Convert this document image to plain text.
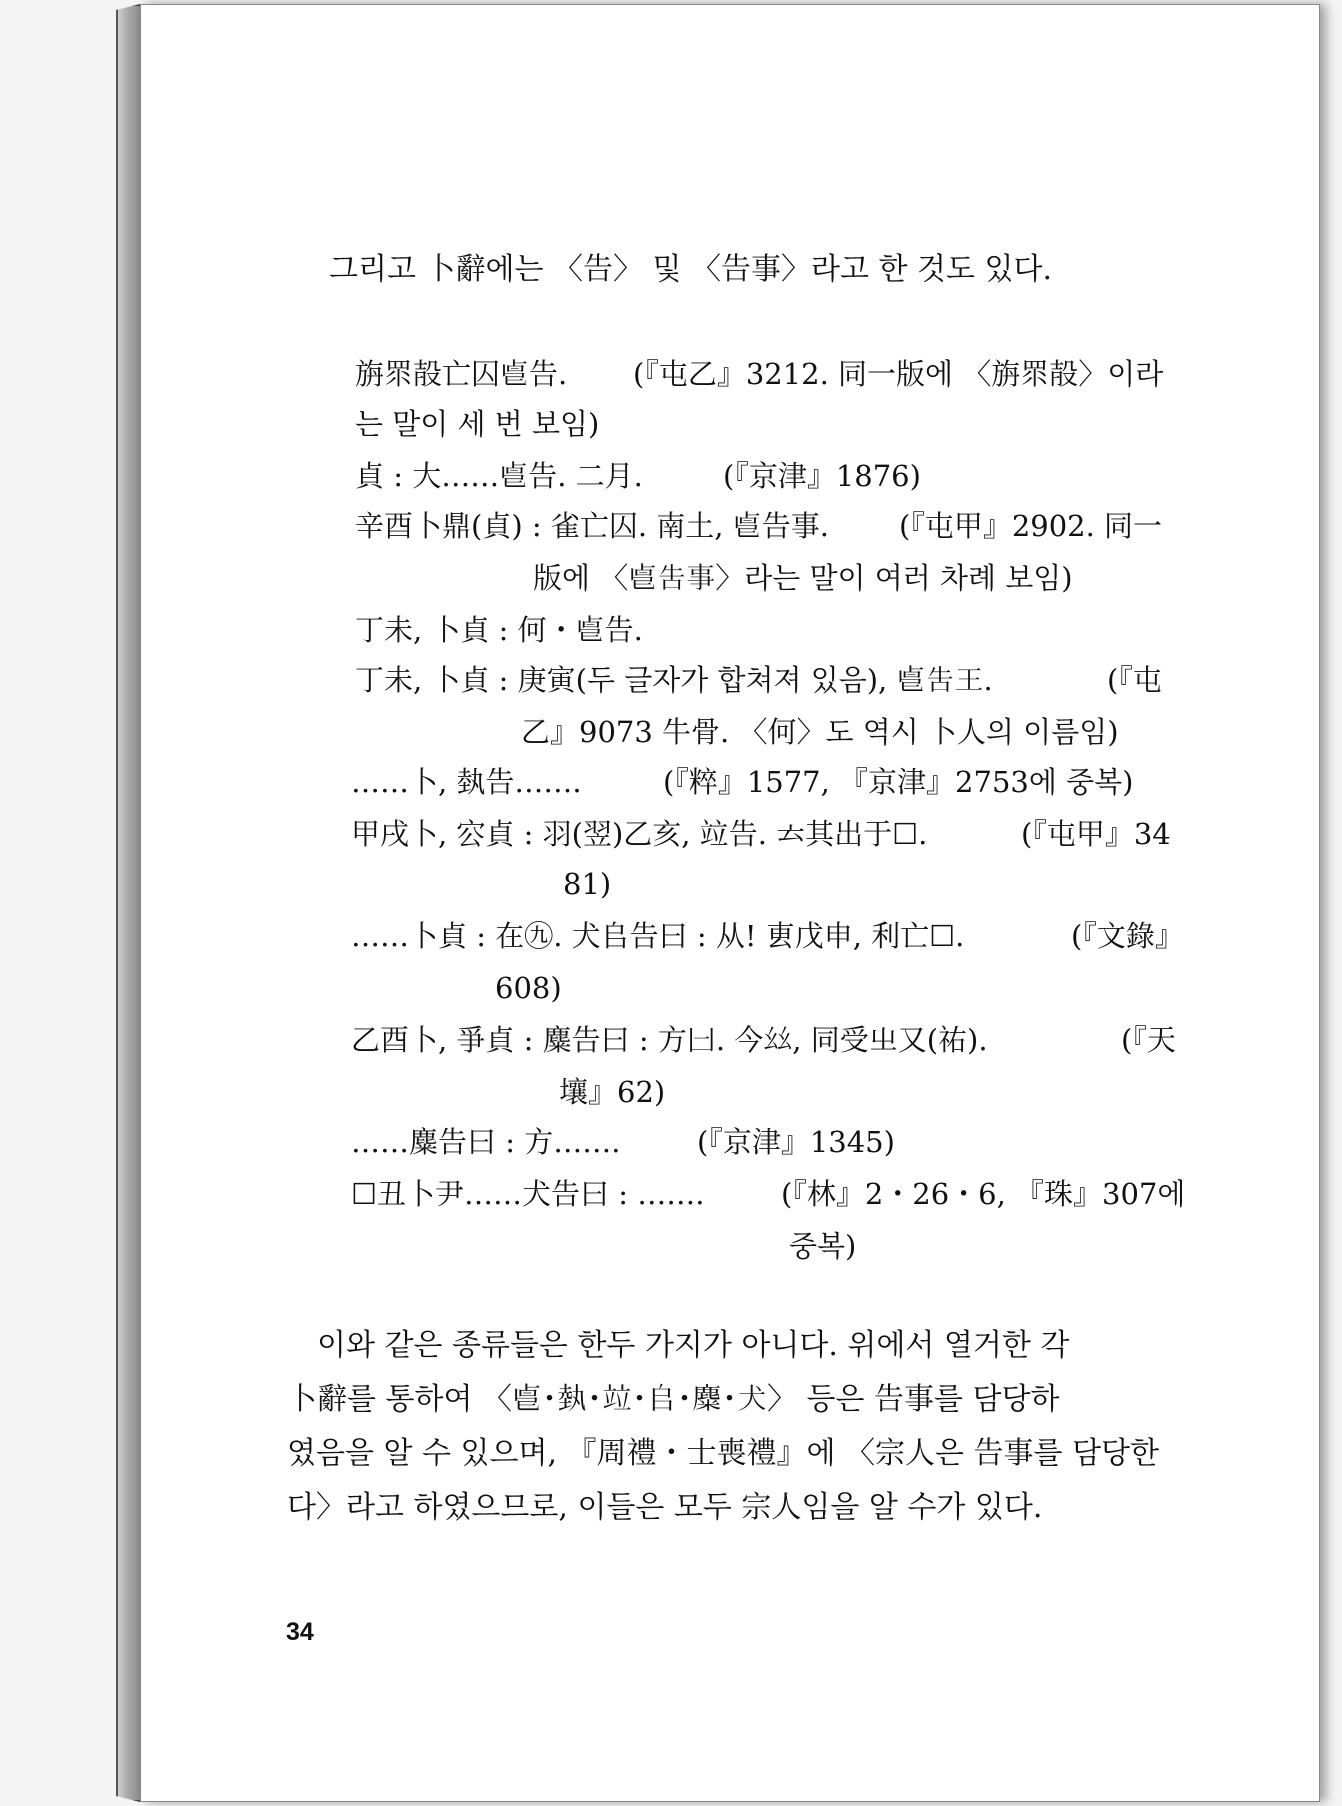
그리고 卜辭에는 〈告〉 및 〈告事〉라고 한 것도 있다.
旃眔㱿亡囚𠧢告. (『屯乙』3212. 同一版에 〈旃眔㱿〉이라
는 말이 세 번 보임)
貞 : 大……𠧢告. 二月.	(『京津』1876)
辛酉卜鼎(貞) : 雀亡囚. 南土, 𠧢告事. (『屯甲』2902. 同一
版에 〈𠧢告事〉라는 말이 여러 차례 보임)
丁未, 卜貞 : 何・𠧢告.
丁未, 卜貞 : 庚寅(두 글자가 합쳐져 있음), 𠧢告王.	(『屯
乙』9073 牛骨. 〈何〉도 역시 卜人의 이름임)
……卜, 埶告…….	(『粹』1577, 『京津』2753에 중복)
甲戌卜, 㝐貞 : 羽(翌)乙亥, 竝告. 𠫓其出于☐.	(『屯甲』34
81)
……卜貞 : 在㊈. 犬𠂤告曰 : 从! 叀戊申, 利亡☐.	(『文錄』
608)
乙酉卜, 爭貞 : 麋告曰 : 方𠙵. 今𢆶, 同受㞢又(祐).	(『天
壤』62)
……麋告曰 : 方…….	(『京津』1345)
☐丑卜尹……犬告曰 : …….	(『林』2・26・6, 『珠』307에
중복)
이와 같은 종류들은 한두 가지가 아니다. 위에서 열거한 각
卜辭를 통하여 〈𠧢・埶・竝・𠂤・麋・犬〉 등은 告事를 담당하
였음을 알 수 있으며, 『周禮・士喪禮』에 〈宗人은 告事를 담당한
다〉라고 하였으므로, 이들은 모두 宗人임을 알 수가 있다.
34
